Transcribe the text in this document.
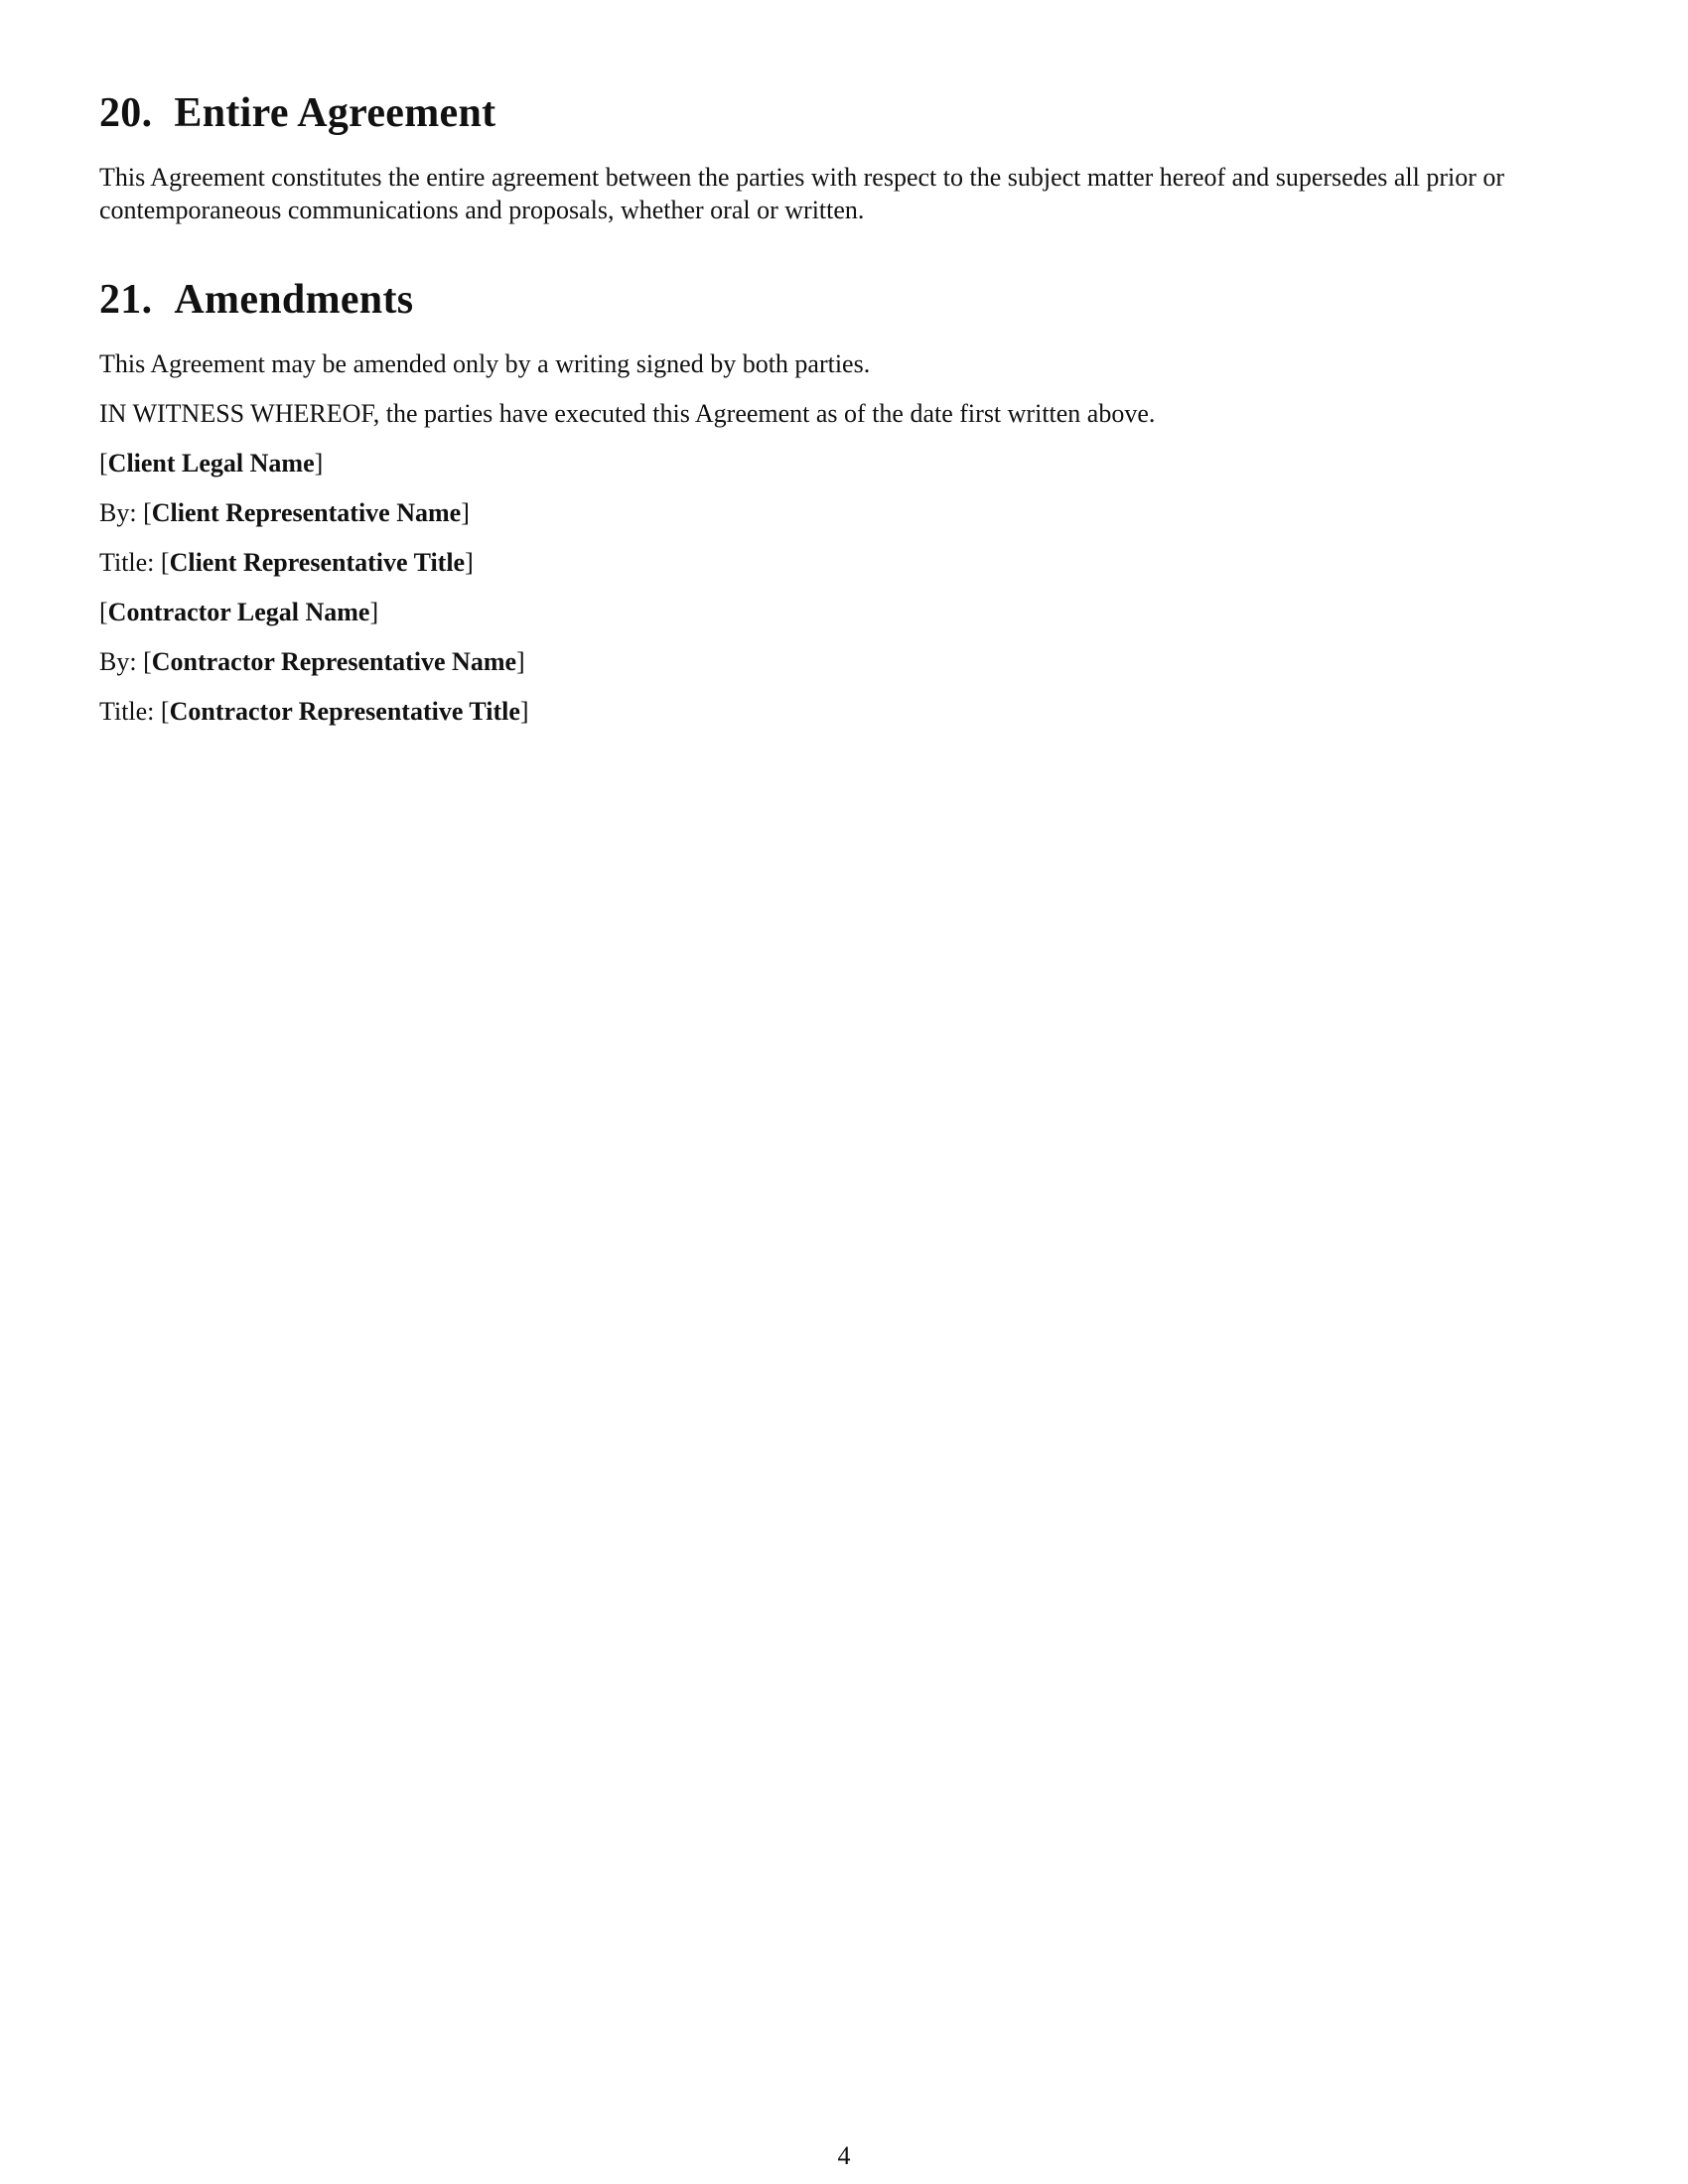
20. Entire Agreement

This Agreement constitutes the entire agreement between the parties with respect to the subject matter hereof and supersedes all prior or contemporaneous communications and proposals, whether oral or written.

21. Amendments

This Agreement may be amended only by a writing signed by both parties.

IN WITNESS WHEREOF, the parties have executed this Agreement as of the date first written above.

[Client Legal Name]

By: [Client Representative Name]

Title: [Client Representative Title]

[Contractor Legal Name]

By: [Contractor Representative Name]

Title: [Contractor Representative Title]

4
